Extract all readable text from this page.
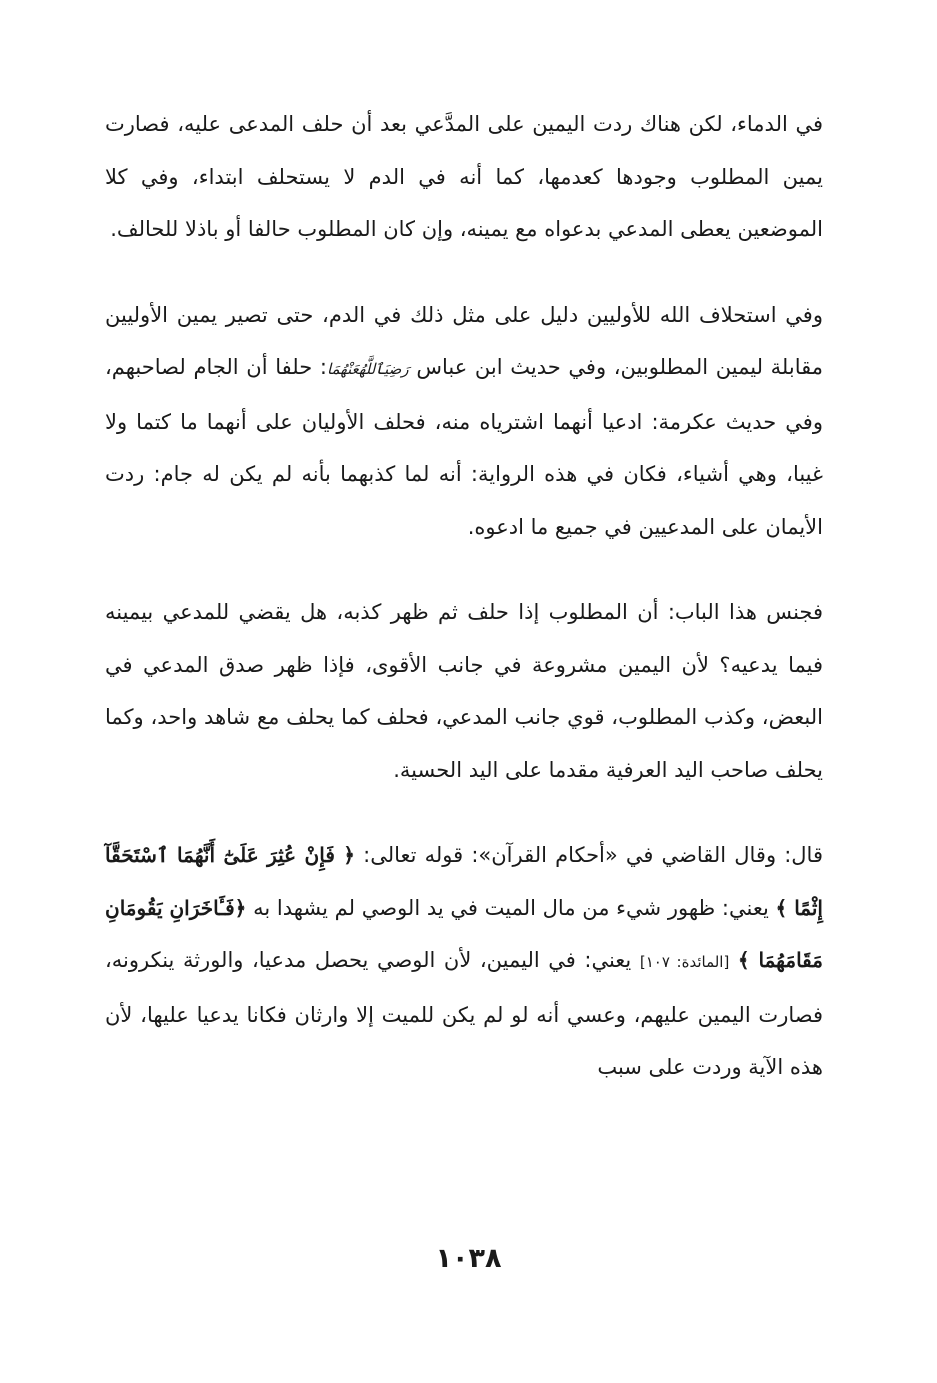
في الدماء، لكن هناك ردت اليمين على المدَّعي بعد أن حلف المدعى عليه، فصارت يمين المطلوب وجودها كعدمها، كما أنه في الدم لا يستحلف ابتداء، وفي كلا الموضعين يعطى المدعي بدعواه مع يمينه، وإن كان المطلوب حالفا أو باذلا للحالف.

وفي استحلاف الله للأوليين دليل على مثل ذلك في الدم، حتى تصير يمين الأوليين مقابلة ليمين المطلوبين، وفي حديث ابن عباس رَضِيَٱللَّهُعَنْهُمَا: حلفا أن الجام لصاحبهم، وفي حديث عكرمة: ادعيا أنهما اشترياه منه، فحلف الأوليان على أنهما ما كتما ولا غيبا، وهي أشياء، فكان في هذه الرواية: أنه لما كذبهما بأنه لم يكن له جام: ردت الأيمان على المدعيين في جميع ما ادعوه.

فجنس هذا الباب: أن المطلوب إذا حلف ثم ظهر كذبه، هل يقضي للمدعي بيمينه فيما يدعيه؟ لأن اليمين مشروعة في جانب الأقوى، فإذا ظهر صدق المدعي في البعض، وكذب المطلوب، قوي جانب المدعي، فحلف كما يحلف مع شاهد واحد، وكما يحلف صاحب اليد العرفية مقدما على اليد الحسية.

قال: وقال القاضي في «أحكام القرآن»: قوله تعالى: ﴿ فَإِنْ عُثِرَ عَلَىٰٓ أَنَّهُمَا ٱسْتَحَقَّآ إِثْمًا ﴾ يعني: ظهور شيء من مال الميت في يد الوصي لم يشهدا به ﴿فَـَٔاخَرَانِ يَقُومَانِ مَقَامَهُمَا ﴾ [المائدة: ١٠٧] يعني: في اليمين، لأن الوصي يحصل مدعيا، والورثة ينكرونه، فصارت اليمين عليهم، وعسي أنه لو لم يكن للميت إلا وارثان فكانا يدعيا عليها، لأن هذه الآية وردت على سبب

١٠٣٨
